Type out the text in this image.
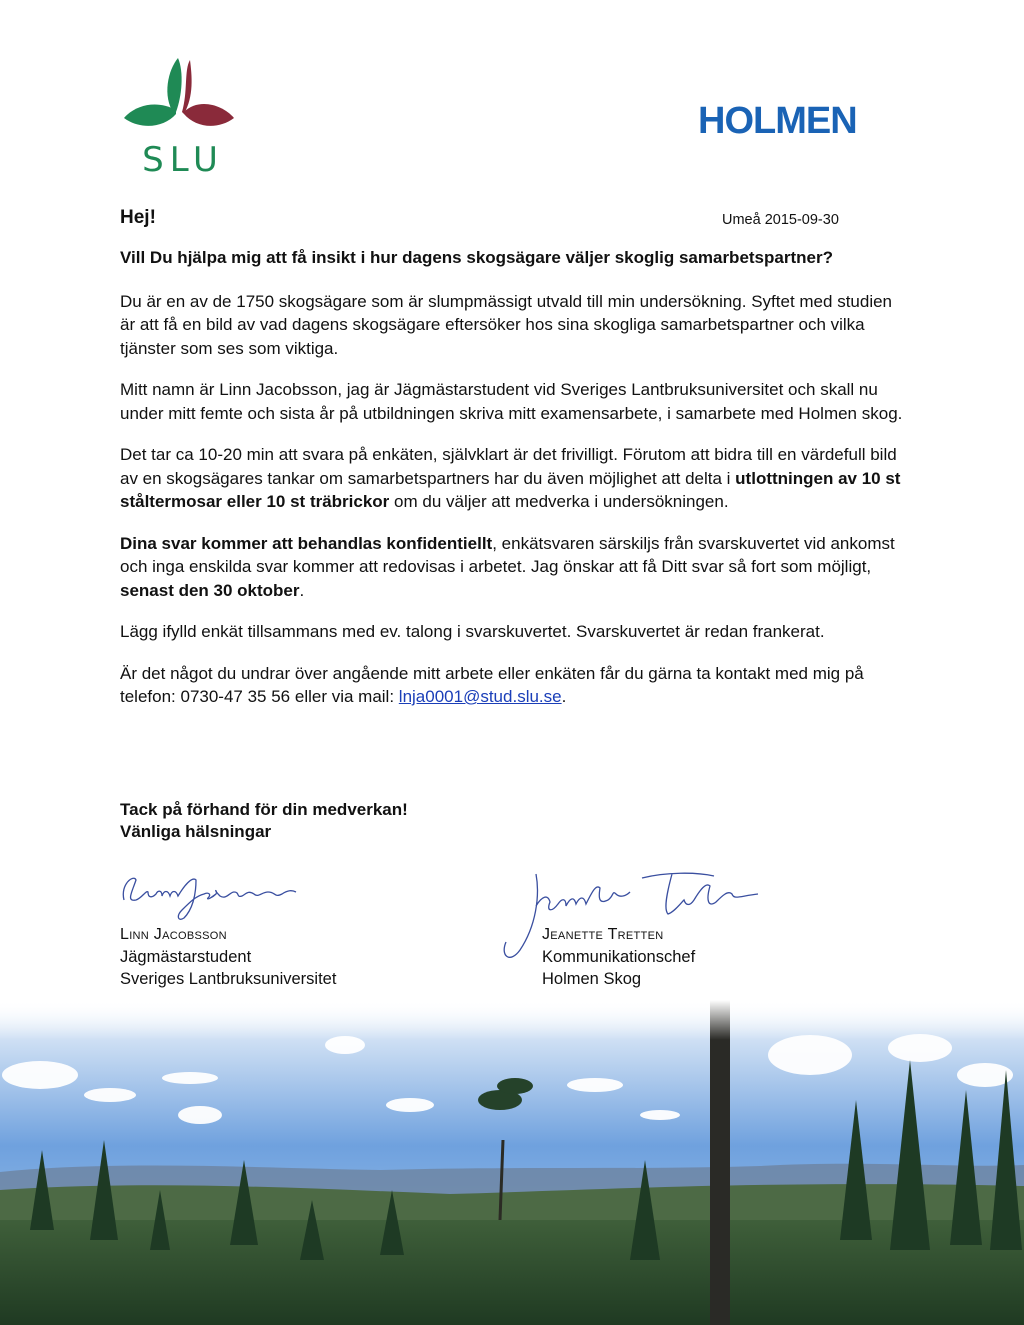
SLU
HOLMEN
Hej!	Umeå 2015-09-30

Vill Du hjälpa mig att få insikt i hur dagens skogsägare väljer skoglig samarbetspartner?

Du är en av de 1750 skogsägare som är slumpmässigt utvald till min undersökning. Syftet med studien är att få en bild av vad dagens skogsägare eftersöker hos sina skogliga samarbetspartner och vilka tjänster som ses som viktiga.

Mitt namn är Linn Jacobsson, jag är Jägmästarstudent vid Sveriges Lantbruksuniversitet och skall nu under mitt femte och sista år på utbildningen skriva mitt examensarbete, i samarbete med Holmen skog.

Det tar ca 10-20 min att svara på enkäten, självklart är det frivilligt. Förutom att bidra till en värdefull bild av en skogsägares tankar om samarbetspartners har du även möjlighet att delta i utlottningen av 10 st ståltermosar eller 10 st träbrickor om du väljer att medverka i undersökningen.

Dina svar kommer att behandlas konfidentiellt, enkätsvaren särskiljs från svarskuvertet vid ankomst och inga enskilda svar kommer att redovisas i arbetet. Jag önskar att få Ditt svar så fort som möjligt, senast den 30 oktober.

Lägg ifylld enkät tillsammans med ev. talong i svarskuvertet. Svarskuvertet är redan frankerat.

Är det något du undrar över angående mitt arbete eller enkäten får du gärna ta kontakt med mig på telefon: 0730-47 35 56 eller via mail: lnja0001@stud.slu.se.

Tack på förhand för din medverkan!
Vänliga hälsningar
Linn Jacobsson
Jägmästarstudent
Sveriges Lantbruksuniversitet
Jeanette Tretten
Kommunikationschef
Holmen Skog
